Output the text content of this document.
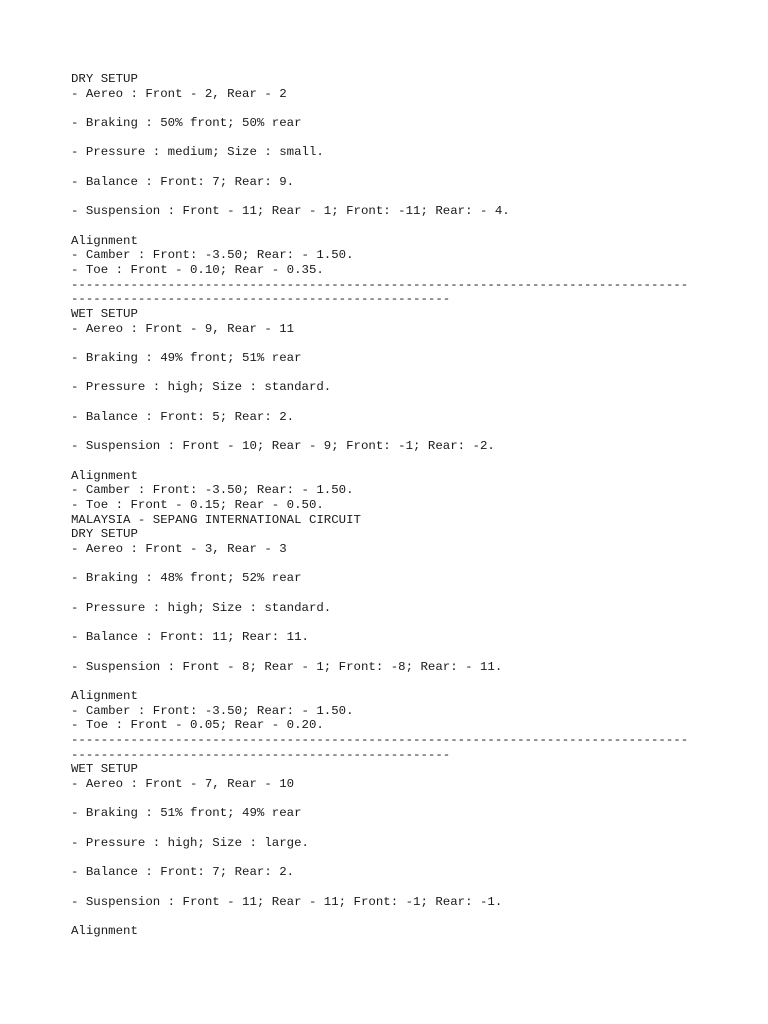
DRY SETUP
- Aereo : Front - 2, Rear - 2
- Braking : 50% front; 50% rear
- Pressure : medium; Size : small.
- Balance : Front: 7; Rear: 9.
- Suspension : Front - 11; Rear - 1; Front: -11; Rear: - 4.
Alignment
- Camber : Front: -3.50; Rear: - 1.50.
- Toe : Front - 0.10; Rear - 0.35.
-----------------------------------------------------------------------------------
---------------------------------------------------
WET SETUP
- Aereo : Front - 9, Rear - 11
- Braking : 49% front; 51% rear
- Pressure : high; Size : standard.
- Balance : Front: 5; Rear: 2.
- Suspension : Front - 10; Rear - 9; Front: -1; Rear: -2.
Alignment
- Camber : Front: -3.50; Rear: - 1.50.
- Toe : Front - 0.15; Rear - 0.50.
MALAYSIA - SEPANG INTERNATIONAL CIRCUIT
DRY SETUP
- Aereo : Front - 3, Rear - 3
- Braking : 48% front; 52% rear
- Pressure : high; Size : standard.
- Balance : Front: 11; Rear: 11.
- Suspension : Front - 8; Rear - 1; Front: -8; Rear: - 11.
Alignment
- Camber : Front: -3.50; Rear: - 1.50.
- Toe : Front - 0.05; Rear - 0.20.
-----------------------------------------------------------------------------------
---------------------------------------------------
WET SETUP
- Aereo : Front - 7, Rear - 10
- Braking : 51% front; 49% rear
- Pressure : high; Size : large.
- Balance : Front: 7; Rear: 2.
- Suspension : Front - 11; Rear - 11; Front: -1; Rear: -1.
Alignment
